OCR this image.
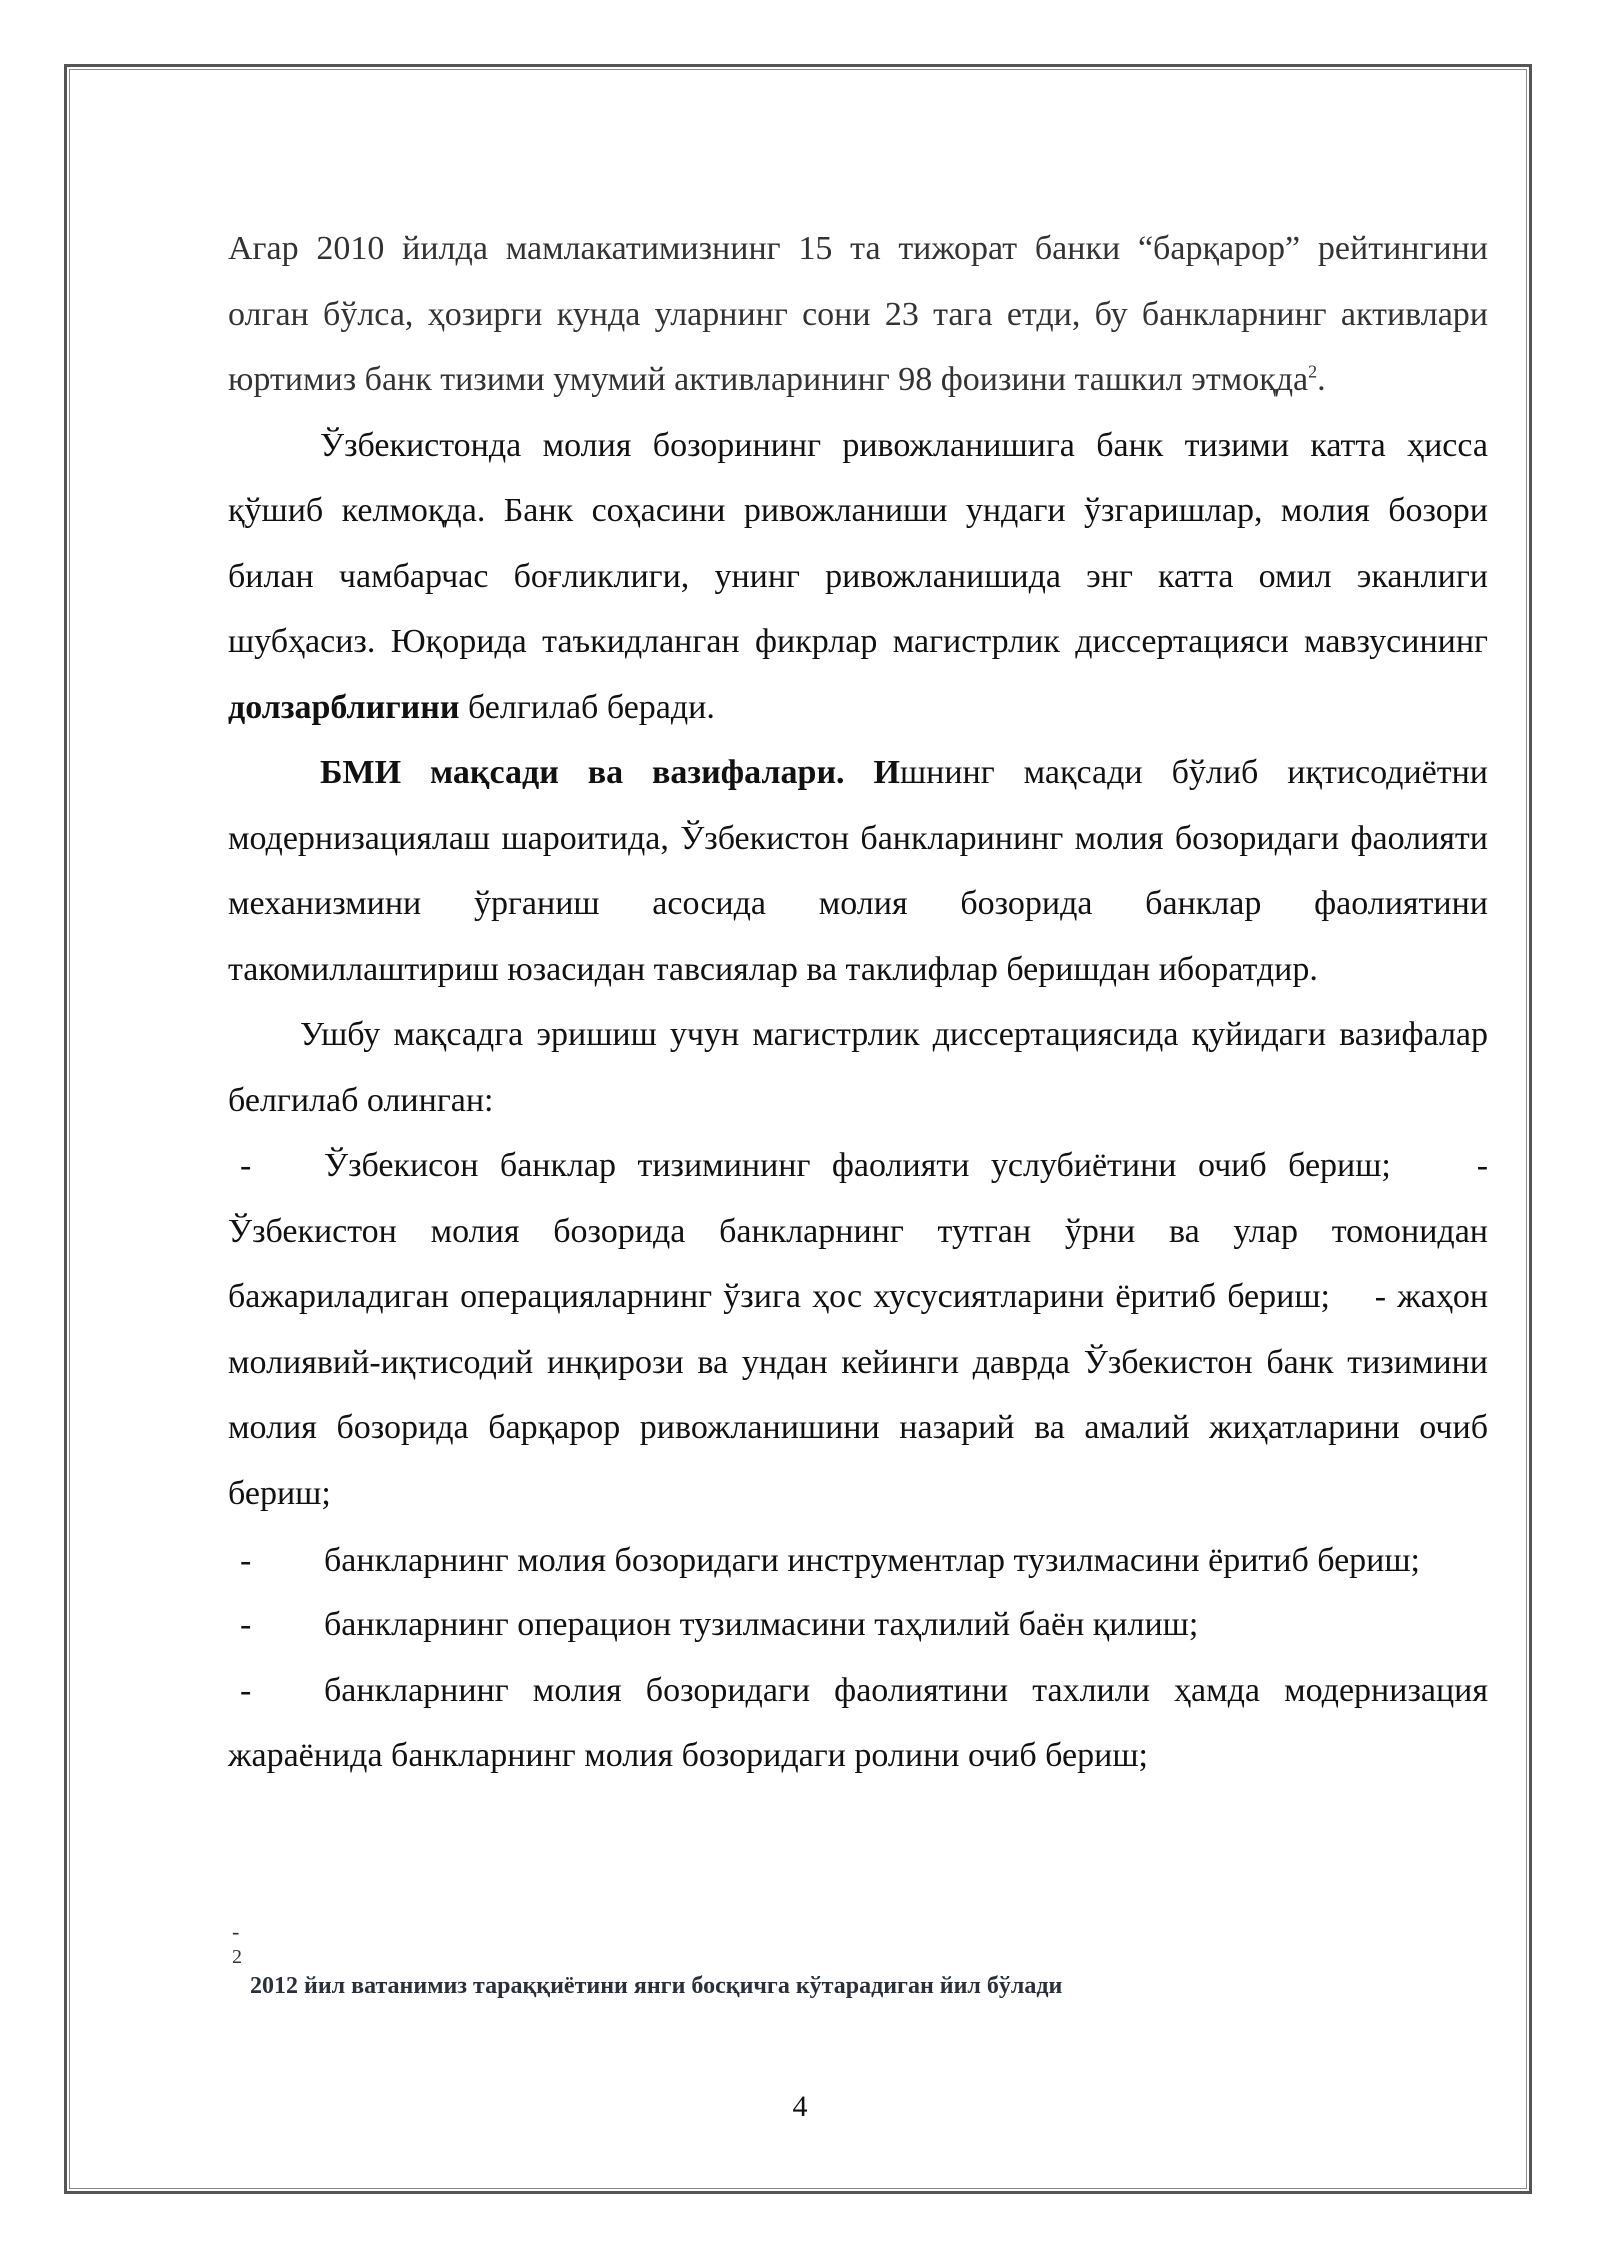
Агар 2010 йилда мамлакатимизнинг 15 та тижорат банки “барқарор” рейтингини олган бўлса, ҳозирги кунда уларнинг сони 23 тага етди, бу банкларнинг активлари юртимиз банк тизими умумий активларининг 98 фоизини ташкил этмоқда$^2$.

Ўзбекистонда молия бозорининг ривожланишига банк тизими катта ҳисса қўшиб келмоқда. Банк соҳасини ривожланиши ундаги ўзгаришлар, молия бозори билан чамбарчас боғликлиги, унинг ривожланишида энг катта омил эканлиги шубҳасиз. Юқорида таъкидланган фикрлар магистрлик диссертацияси мавзусининг долзарблигини белгилаб беради.

БМИ мақсади ва вазифалари. Ишнинг мақсади бўлиб иқтисодиётни модернизациялаш шароитида, Ўзбекистон банкларининг молия бозоридаги фаолияти механизмини ўрганиш асосида молия бозорида банклар фаолиятини такомиллаштириш юзасидан тавсиялар ва таклифлар беришдан иборатдир.

Ушбу мақсадга эришиш учун магистрлик диссертациясида қуйидаги вазифалар белгилаб олинган:

- Ўзбекисон банклар тизимининг фаолияти услубиётини очиб бериш;	- Ўзбекистон молия бозорида банкларнинг тутган ўрни ва улар томонидан бажариладиган операцияларнинг ўзига ҳос хусусиятларини ёритиб бериш; - жаҳон молиявий-иқтисодий инқирози ва ундан кейинги даврда Ўзбекистон банк тизимини молия бозорида барқарор ривожланишини назарий ва амалий жиҳатларини очиб бериш;

- банкларнинг молия бозоридаги инструментлар тузилмасини ёритиб бериш;

- банкларнинг операцион тузилмасини таҳлилий баён қилиш;

- банкларнинг молия бозоридаги фаолиятини тахлили ҳамда модернизация жараёнида банкларнинг молия бозоридаги ролини очиб бериш;

-
2
2012 йил ватанимиз тараққиётини янги босқичга кўтарадиган йил бўлади
4
